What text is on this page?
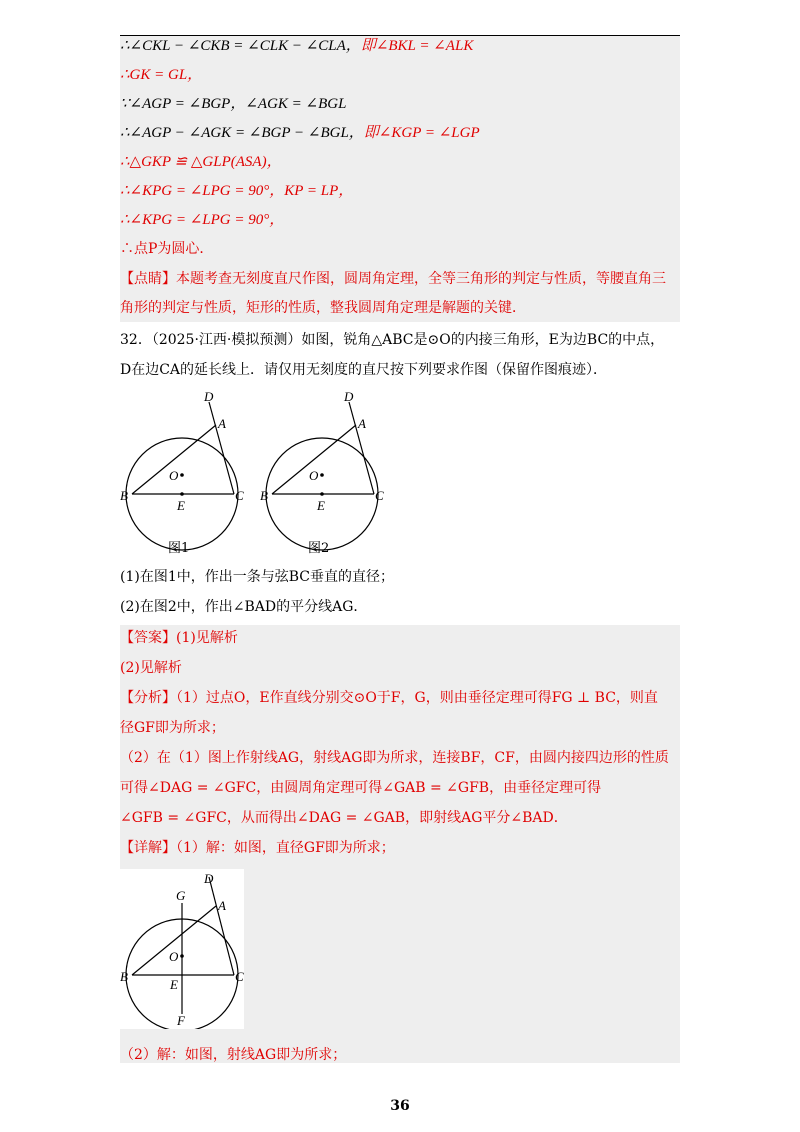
∴∠CKL − ∠CKB = ∠CLK − ∠CLA，即∠BKL = ∠ALK
∴GK = GL，
∵∠AGP = ∠BGP，∠AGK = ∠BGL
∴∠AGP − ∠AGK = ∠BGP − ∠BGL，即∠KGP = ∠LGP
∴△GKP ≌ △GLP(ASA)，
∴∠KPG = ∠LPG = 90°，KP = LP，
∴∠KPG = ∠LPG = 90°，
∴点P为圆心．
【点睛】本题考查无刻度直尺作图，圆周角定理，全等三角形的判定与性质，等腰直角三
角形的判定与性质，矩形的性质，整我圆周角定理是解题的关键．
32．（2025·江西·模拟预测）如图，锐角△ABC是⊙O的内接三角形，E为边BC的中点，
D在边CA的延长线上．请仅用无刻度的直尺按下列要求作图（保留作图痕迹）．
D
A
O
B	C
E
图1
D
A
O
B	C
E
图2
(1)在图1中，作出一条与弦BC垂直的直径；
(2)在图2中，作出∠BAD的平分线AG．
【答案】(1)见解析
(2)见解析
【分析】（1）过点O，E作直线分别交⊙O于F，G，则由垂径定理可得FG ⊥ BC，则直
径GF即为所求；
（2）在（1）图上作射线AG，射线AG即为所求，连接BF，CF，由圆内接四边形的性质
可得∠DAG = ∠GFC，由圆周角定理可得∠GAB = ∠GFB，由垂径定理可得
∠GFB = ∠GFC，从而得出∠DAG = ∠GAB，即射线AG平分∠BAD．
【详解】（1）解：如图，直径GF即为所求；
D
G
A
O
B	C
E
F
（2）解：如图，射线AG即为所求；
36
